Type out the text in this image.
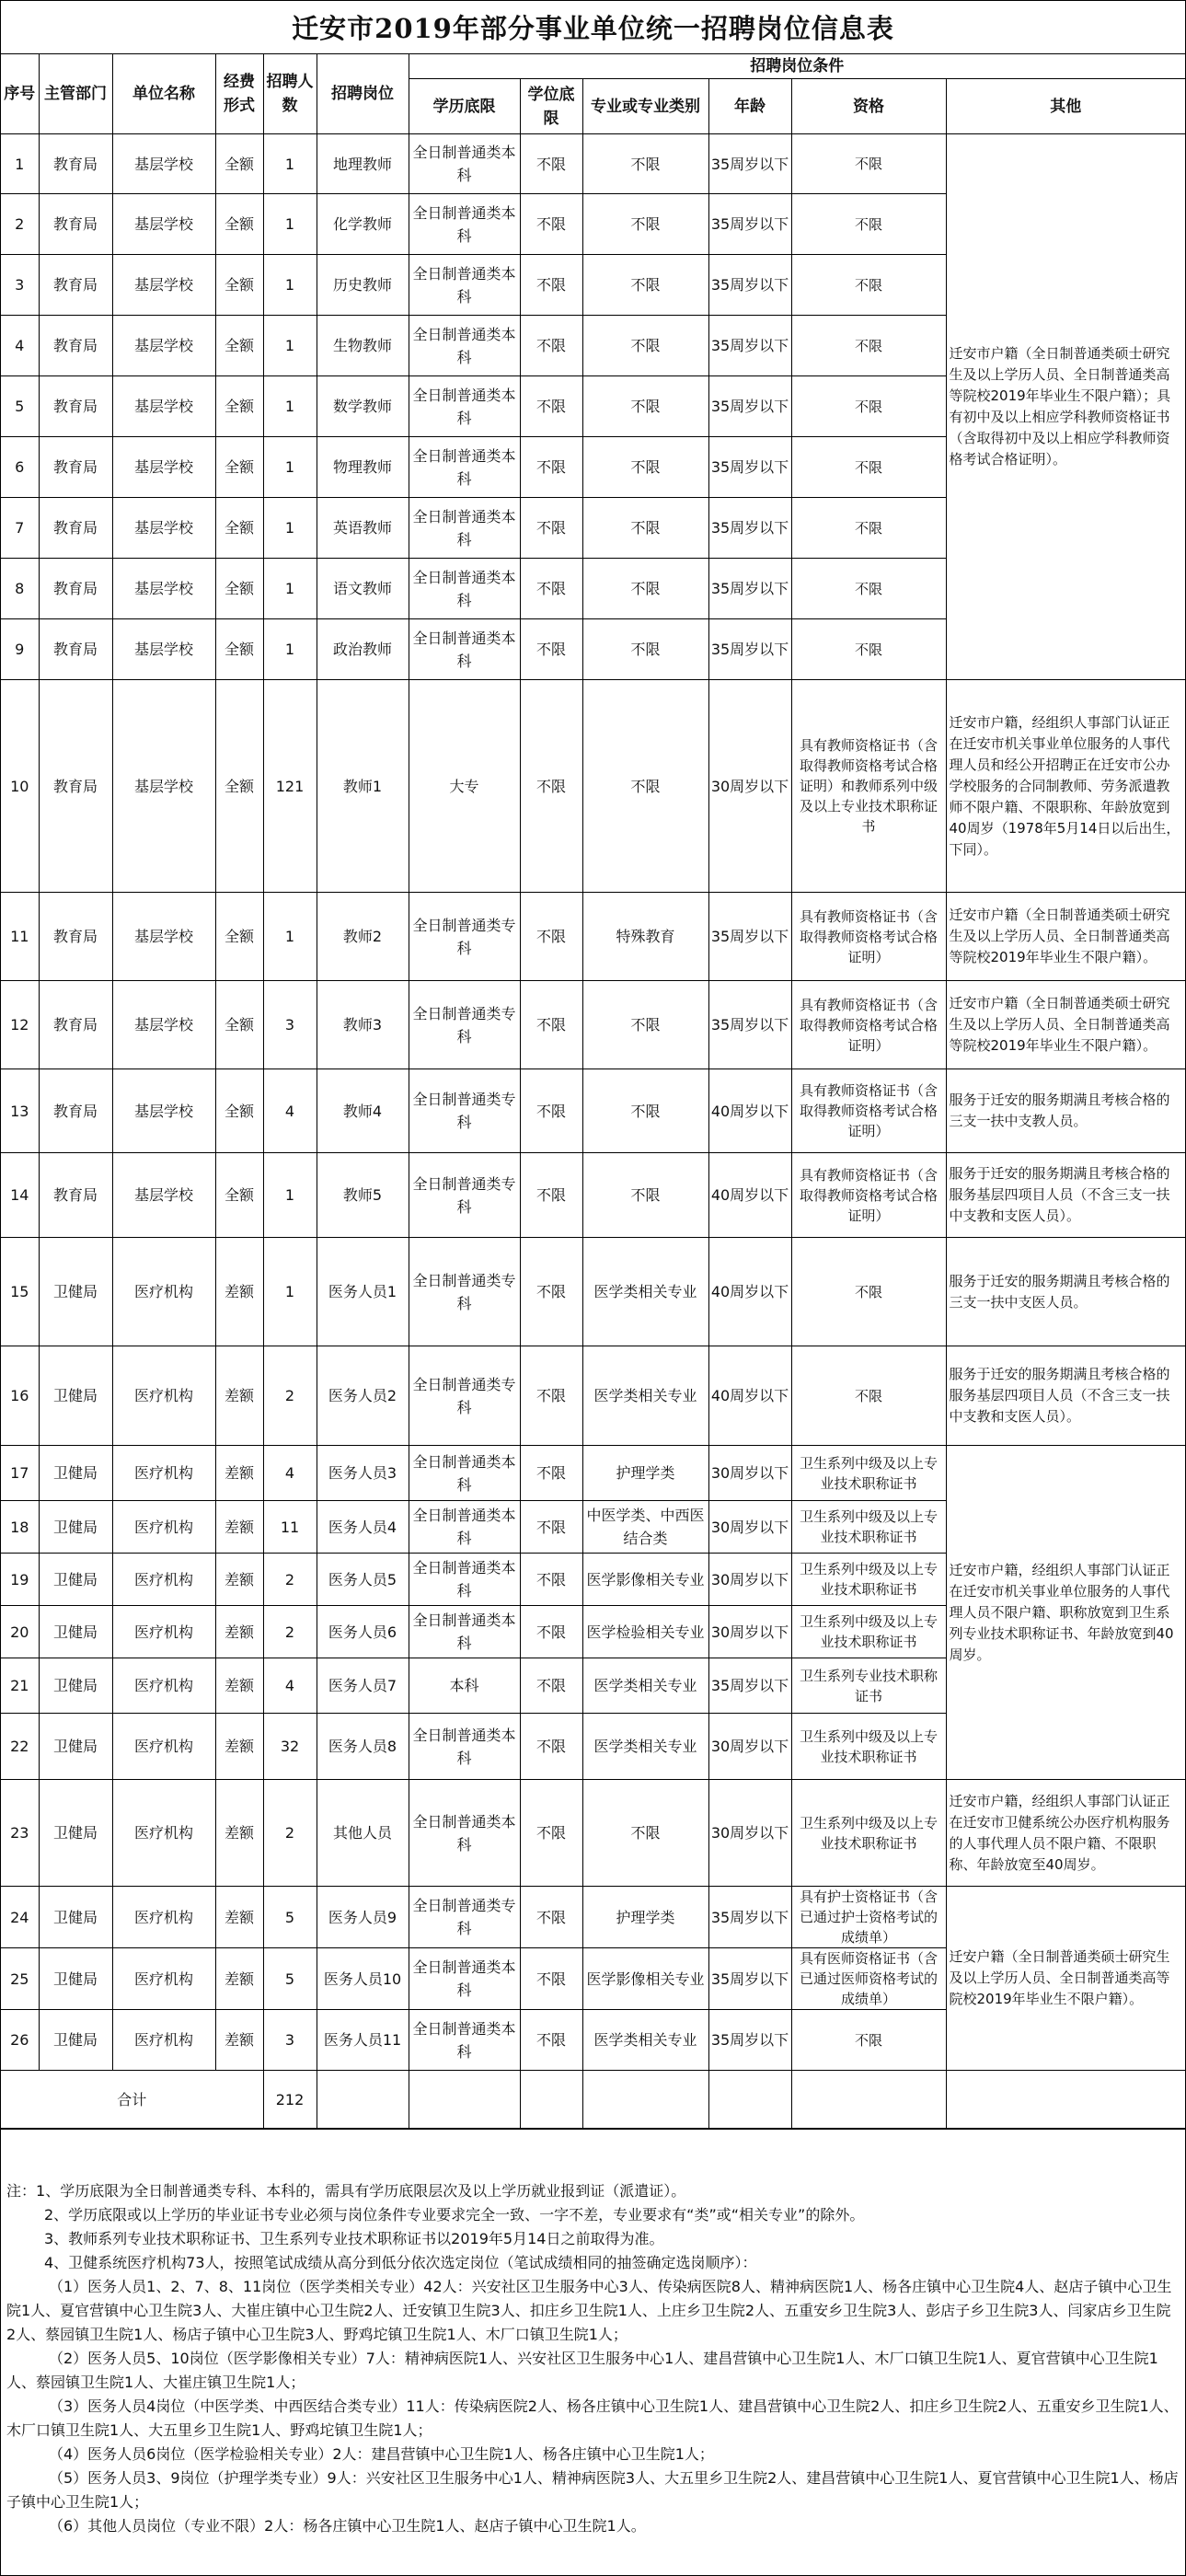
迁安市2019年部分事业单位统一招聘岗位信息表
序号	主管部门	单位名称	经费形式	招聘人数	招聘岗位	招聘岗位条件					
						学历底限	学位底限	专业或专业类别	年龄	资格	其他
1	教育局	基层学校	全额	1	地理教师	全日制普通类本科	不限	不限	35周岁以下	不限	迁安市户籍（全日制普通类硕士研究生及以上学历人员、全日制普通类高等院校2019年毕业生不限户籍）；具有初中及以上相应学科教师资格证书（含取得初中及以上相应学科教师资格考试合格证明）。
2	教育局	基层学校	全额	1	化学教师	全日制普通类本科	不限	不限	35周岁以下	不限	
3	教育局	基层学校	全额	1	历史教师	全日制普通类本科	不限	不限	35周岁以下	不限	
4	教育局	基层学校	全额	1	生物教师	全日制普通类本科	不限	不限	35周岁以下	不限	
5	教育局	基层学校	全额	1	数学教师	全日制普通类本科	不限	不限	35周岁以下	不限	
6	教育局	基层学校	全额	1	物理教师	全日制普通类本科	不限	不限	35周岁以下	不限	
7	教育局	基层学校	全额	1	英语教师	全日制普通类本科	不限	不限	35周岁以下	不限	
8	教育局	基层学校	全额	1	语文教师	全日制普通类本科	不限	不限	35周岁以下	不限	
9	教育局	基层学校	全额	1	政治教师	全日制普通类本科	不限	不限	35周岁以下	不限	
10	教育局	基层学校	全额	121	教师1	大专	不限	不限	30周岁以下	具有教师资格证书（含取得教师资格考试合格证明）和教师系列中级及以上专业技术职称证书	迁安市户籍，经组织人事部门认证正在迁安市机关事业单位服务的人事代理人员和经公开招聘正在迁安市公办学校服务的合同制教师、劳务派遣教师不限户籍、不限职称、年龄放宽到40周岁（1978年5月14日以后出生，下同）。
11	教育局	基层学校	全额	1	教师2	全日制普通类专科	不限	特殊教育	35周岁以下	具有教师资格证书（含取得教师资格考试合格证明）	迁安市户籍（全日制普通类硕士研究生及以上学历人员、全日制普通类高等院校2019年毕业生不限户籍）。
12	教育局	基层学校	全额	3	教师3	全日制普通类专科	不限	不限	35周岁以下	具有教师资格证书（含取得教师资格考试合格证明）	迁安市户籍（全日制普通类硕士研究生及以上学历人员、全日制普通类高等院校2019年毕业生不限户籍）。
13	教育局	基层学校	全额	4	教师4	全日制普通类专科	不限	不限	40周岁以下	具有教师资格证书（含取得教师资格考试合格证明）	服务于迁安的服务期满且考核合格的三支一扶中支教人员。
14	教育局	基层学校	全额	1	教师5	全日制普通类专科	不限	不限	40周岁以下	具有教师资格证书（含取得教师资格考试合格证明）	服务于迁安的服务期满且考核合格的服务基层四项目人员（不含三支一扶中支教和支医人员）。
15	卫健局	医疗机构	差额	1	医务人员1	全日制普通类专科	不限	医学类相关专业	40周岁以下	不限	服务于迁安的服务期满且考核合格的三支一扶中支医人员。
16	卫健局	医疗机构	差额	2	医务人员2	全日制普通类专科	不限	医学类相关专业	40周岁以下	不限	服务于迁安的服务期满且考核合格的服务基层四项目人员（不含三支一扶中支教和支医人员）。
17	卫健局	医疗机构	差额	4	医务人员3	全日制普通类本科	不限	护理学类	30周岁以下	卫生系列中级及以上专业技术职称证书	迁安市户籍，经组织人事部门认证正在迁安市机关事业单位服务的人事代理人员不限户籍、职称放宽到卫生系列专业技术职称证书、年龄放宽到40周岁。
18	卫健局	医疗机构	差额	11	医务人员4	全日制普通类本科	不限	中医学类、中西医结合类	30周岁以下	卫生系列中级及以上专业技术职称证书	
19	卫健局	医疗机构	差额	2	医务人员5	全日制普通类本科	不限	医学影像相关专业	30周岁以下	卫生系列中级及以上专业技术职称证书	
20	卫健局	医疗机构	差额	2	医务人员6	全日制普通类本科	不限	医学检验相关专业	30周岁以下	卫生系列中级及以上专业技术职称证书	
21	卫健局	医疗机构	差额	4	医务人员7	本科	不限	医学类相关专业	35周岁以下	卫生系列专业技术职称证书	
22	卫健局	医疗机构	差额	32	医务人员8	全日制普通类本科	不限	医学类相关专业	30周岁以下	卫生系列中级及以上专业技术职称证书	
23	卫健局	医疗机构	差额	2	其他人员	全日制普通类本科	不限	不限	30周岁以下	卫生系列中级及以上专业技术职称证书	迁安市户籍，经组织人事部门认证正在迁安市卫健系统公办医疗机构服务的人事代理人员不限户籍、不限职称、年龄放宽至40周岁。
24	卫健局	医疗机构	差额	5	医务人员9	全日制普通类专科	不限	护理学类	35周岁以下	具有护士资格证书（含已通过护士资格考试的成绩单）	迁安户籍（全日制普通类硕士研究生及以上学历人员、全日制普通类高等院校2019年毕业生不限户籍）。
25	卫健局	医疗机构	差额	5	医务人员10	全日制普通类本科	不限	医学影像相关专业	35周岁以下	具有医师资格证书（含已通过医师资格考试的成绩单）	
26	卫健局	医疗机构	差额	3	医务人员11	全日制普通类本科	不限	医学类相关专业	35周岁以下	不限	
合计				212							
注：1、学历底限为全日制普通类专科、本科的，需具有学历底限层次及以上学历就业报到证（派遣证）。
2、学历底限或以上学历的毕业证书专业必须与岗位条件专业要求完全一致、一字不差，专业要求有“类”或“相关专业”的除外。
3、教师系列专业技术职称证书、卫生系列专业技术职称证书以2019年5月14日之前取得为准。
4、卫健系统医疗机构73人，按照笔试成绩从高分到低分依次选定岗位（笔试成绩相同的抽签确定选岗顺序）：
（1）医务人员1、2、7、8、11岗位（医学类相关专业）42人：兴安社区卫生服务中心3人、传染病医院8人、精神病医院1人、杨各庄镇中心卫生院4人、赵店子镇中心卫生院1人、夏官营镇中心卫生院3人、大崔庄镇中心卫生院2人、迁安镇卫生院3人、扣庄乡卫生院1人、上庄乡卫生院2人、五重安乡卫生院3人、彭店子乡卫生院3人、闫家店乡卫生院2人、蔡园镇卫生院1人、杨店子镇中心卫生院3人、野鸡坨镇卫生院1人、木厂口镇卫生院1人；
（2）医务人员5、10岗位（医学影像相关专业）7人：精神病医院1人、兴安社区卫生服务中心1人、建昌营镇中心卫生院1人、木厂口镇卫生院1人、夏官营镇中心卫生院1人、蔡园镇卫生院1人、大崔庄镇卫生院1人；
（3）医务人员4岗位（中医学类、中西医结合类专业）11人：传染病医院2人、杨各庄镇中心卫生院1人、建昌营镇中心卫生院2人、扣庄乡卫生院2人、五重安乡卫生院1人、木厂口镇卫生院1人、大五里乡卫生院1人、野鸡坨镇卫生院1人；
（4）医务人员6岗位（医学检验相关专业）2人：建昌营镇中心卫生院1人、杨各庄镇中心卫生院1人；
（5）医务人员3、9岗位（护理学类专业）9人：兴安社区卫生服务中心1人、精神病医院3人、大五里乡卫生院2人、建昌营镇中心卫生院1人、夏官营镇中心卫生院1人、杨店子镇中心卫生院1人；
（6）其他人员岗位（专业不限）2人：杨各庄镇中心卫生院1人、赵店子镇中心卫生院1人。
